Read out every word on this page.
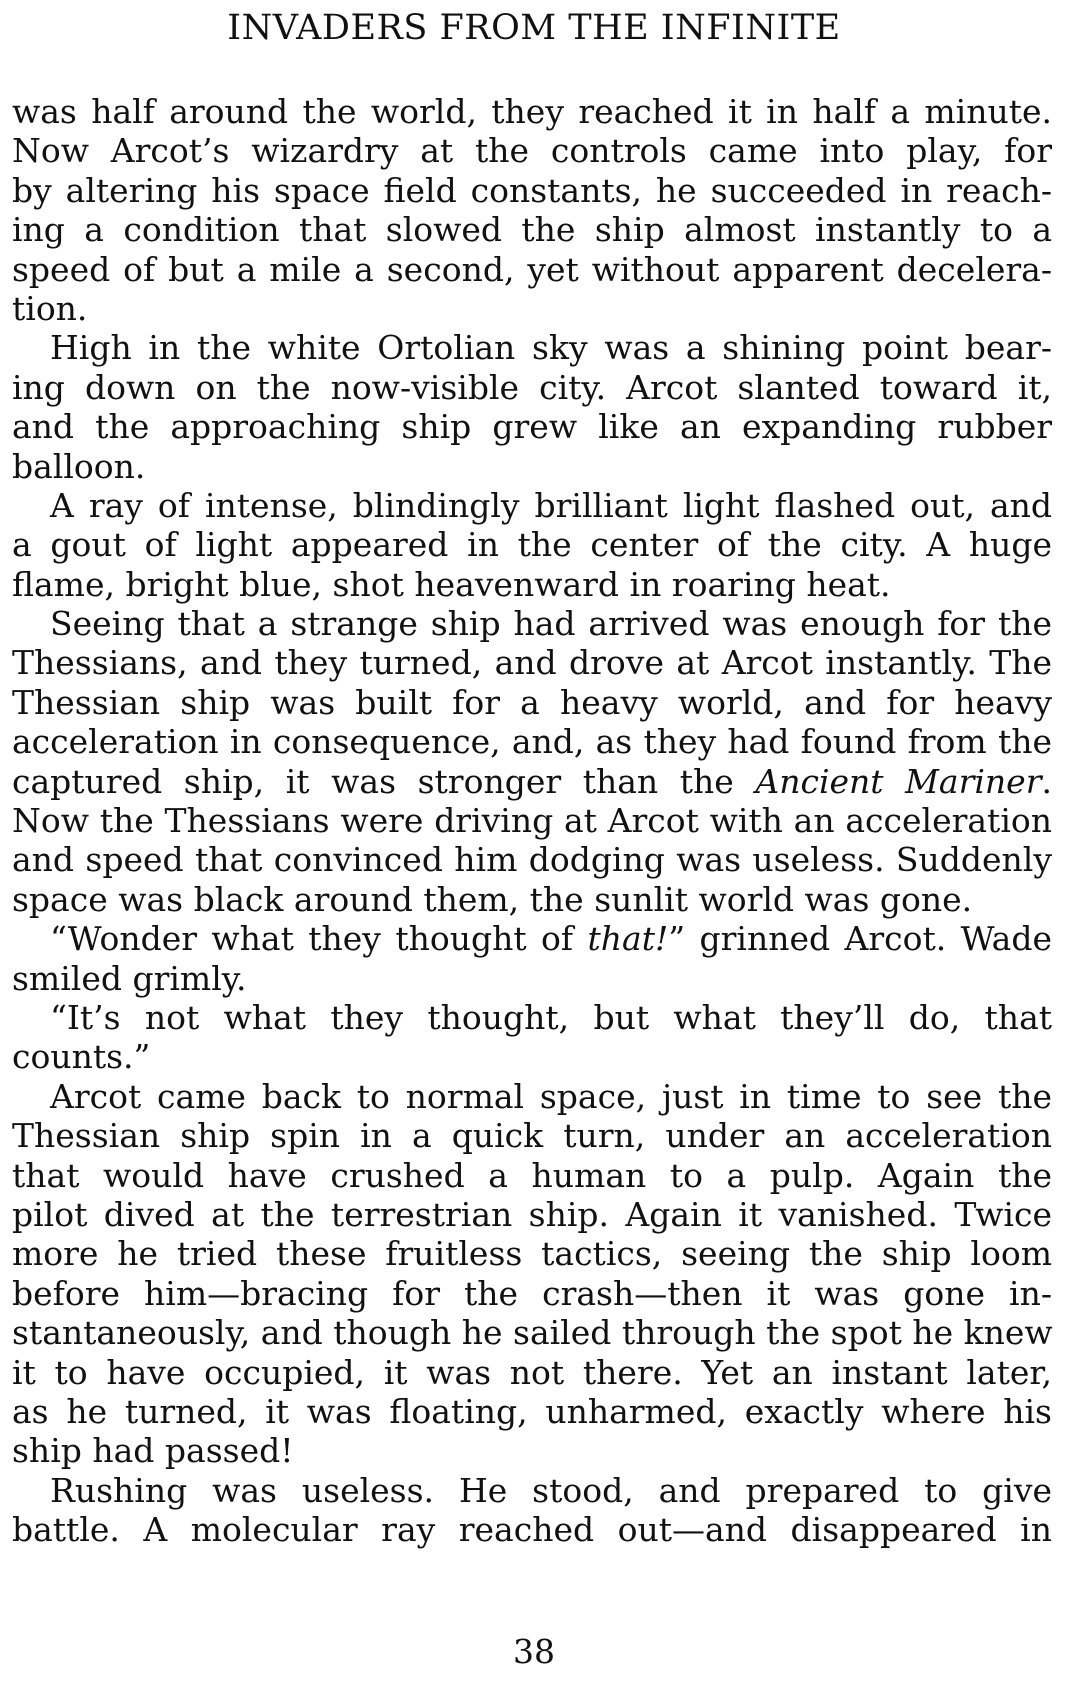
INVADERS FROM THE INFINITE

was half around the world, they reached it in half a minute.
Now Arcot’s wizardry at the controls came into play, for
by altering his space field constants, he succeeded in reach-
ing a condition that slowed the ship almost instantly to a
speed of but a mile a second, yet without apparent decelera-
tion.

High in the white Ortolian sky was a shining point bear-
ing down on the now-visible city. Arcot slanted toward it,
and the approaching ship grew like an expanding rubber
balloon.

A ray of intense, blindingly brilliant light flashed out, and
a gout of light appeared in the center of the city. A huge
flame, bright blue, shot heavenward in roaring heat.

Seeing that a strange ship had arrived was enough for the
Thessians, and they turned, and drove at Arcot instantly. The
Thessian ship was built for a heavy world, and for heavy
acceleration in consequence, and, as they had found from the
captured ship, it was stronger than the Ancient Mariner.
Now the Thessians were driving at Arcot with an acceleration
and speed that convinced him dodging was useless. Suddenly
space was black around them, the sunlit world was gone.

“Wonder what they thought of that!” grinned Arcot. Wade
smiled grimly.

“It’s not what they thought, but what they’ll do, that
counts.”

Arcot came back to normal space, just in time to see the
Thessian ship spin in a quick turn, under an acceleration
that would have crushed a human to a pulp. Again the
pilot dived at the terrestrian ship. Again it vanished. Twice
more he tried these fruitless tactics, seeing the ship loom
before him—bracing for the crash—then it was gone in-
stantaneously, and though he sailed through the spot he knew
it to have occupied, it was not there. Yet an instant later,
as he turned, it was floating, unharmed, exactly where his
ship had passed!

Rushing was useless. He stood, and prepared to give
battle. A molecular ray reached out—and disappeared in

38
